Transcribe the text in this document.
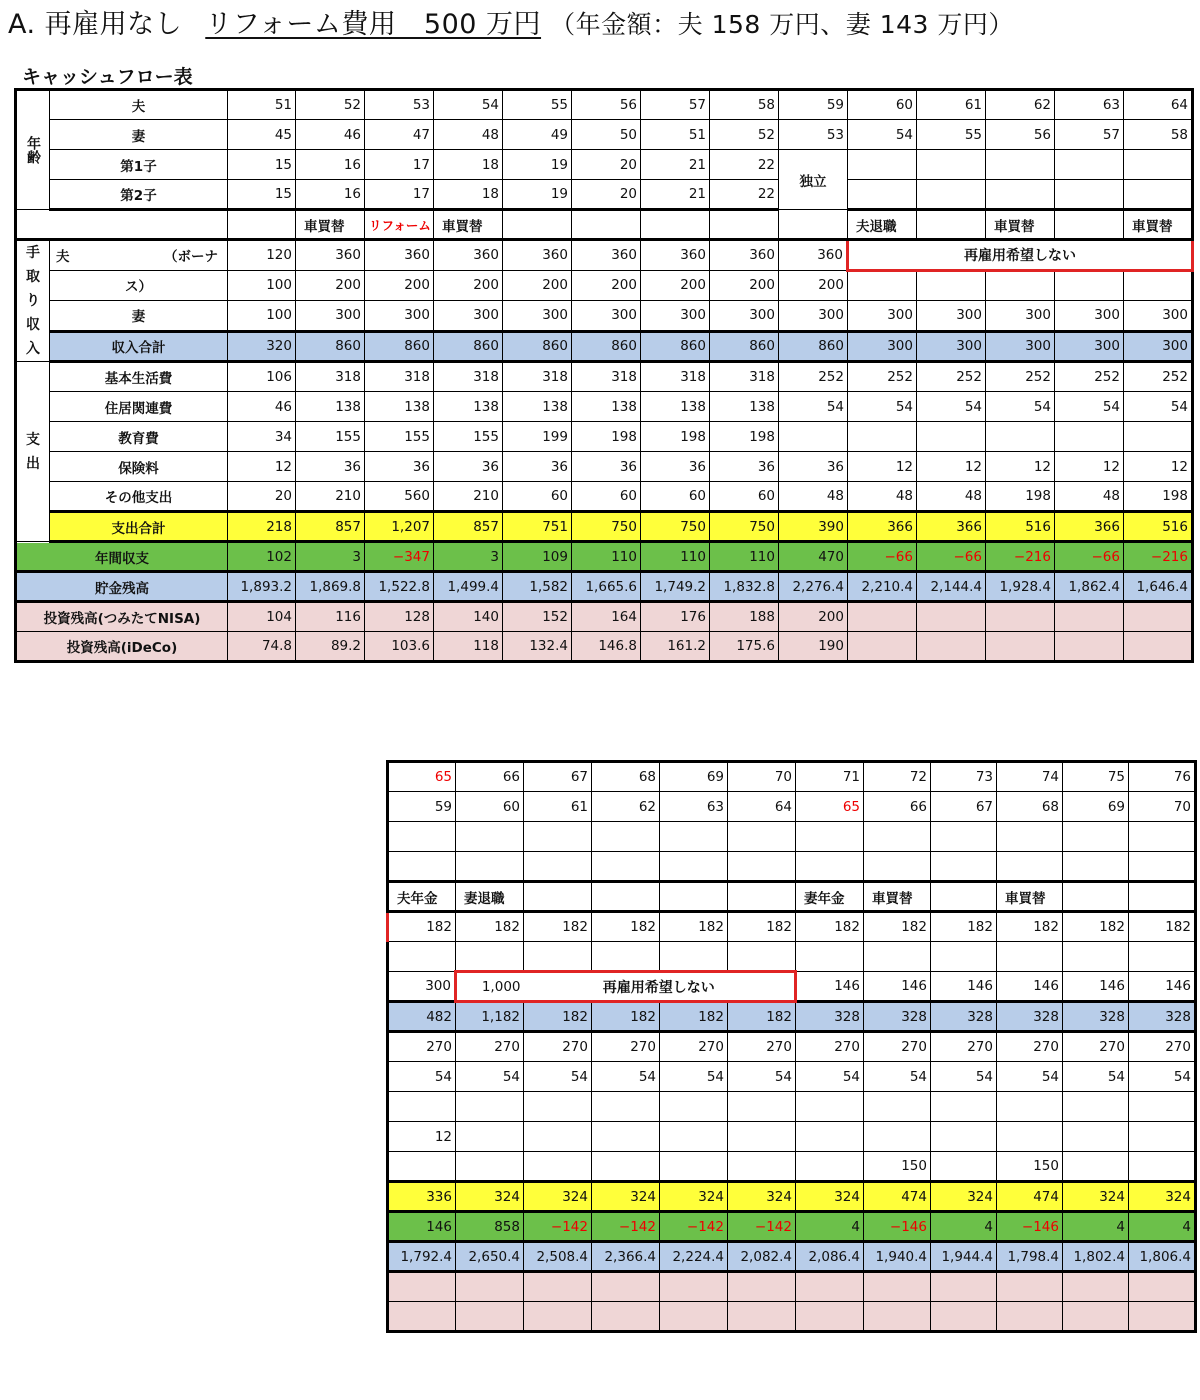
A. 再雇用なし リフォーム費用　500 万円 （年金額：夫 158 万円、妻 143 万円）
キャッシュフロー表
年齢	夫	51	52	53	54	55	56	57	58	59	60	61	62	63	64
	妻	45	46	47	48	49	50	51	52	53	54	55	56	57	58
	第1子	15	16	17	18	19	20	21	22	独立					
	第2子	15	16	17	18	19	20	21	22						
			車買替	リフォーム	車買替						夫退職		車買替		車買替
手取り収入	夫 （ボーナ	120	360	360	360	360	360	360	360	360	再雇用希望しない				
	ス）	100	200	200	200	200	200	200	200	200					
	妻	100	300	300	300	300	300	300	300	300	300	300	300	300	300
	収入合計	320	860	860	860	860	860	860	860	860	300	300	300	300	300
支出	基本生活費	106	318	318	318	318	318	318	318	252	252	252	252	252	252
	住居関連費	46	138	138	138	138	138	138	138	54	54	54	54	54	54
	教育費	34	155	155	155	199	198	198	198						
	保険料	12	36	36	36	36	36	36	36	36	12	12	12	12	12
	その他支出	20	210	560	210	60	60	60	60	48	48	48	198	48	198
	支出合計	218	857	1,207	857	751	750	750	750	390	366	366	516	366	516
年間収支		102	3	−347	3	109	110	110	110	470	−66	−66	−216	−66	−216
貯金残高		1,893.2	1,869.8	1,522.8	1,499.4	1,582	1,665.6	1,749.2	1,832.8	2,276.4	2,210.4	2,144.4	1,928.4	1,862.4	1,646.4
投資残高(つみたてNISA)		104	116	128	140	152	164	176	188	200					
投資残高(iDeCo)		74.8	89.2	103.6	118	132.4	146.8	161.2	175.6	190					
65	66	67	68	69	70	71	72	73	74	75	76
59	60	61	62	63	64	65	66	67	68	69	70

夫年金	妻退職					妻年金	車買替		車買替		
182	182	182	182	182	182	182	182	182	182	182	182

300	1,000	再雇用希望しない				146	146	146	146	146	146
482	1,182	182	182	182	182	328	328	328	328	328	328
270	270	270	270	270	270	270	270	270	270	270	270
54	54	54	54	54	54	54	54	54	54	54	54

12											
							150		150		
336	324	324	324	324	324	324	474	324	474	324	324
146	858	−142	−142	−142	−142	4	−146	4	−146	4	4
1,792.4	2,650.4	2,508.4	2,366.4	2,224.4	2,082.4	2,086.4	1,940.4	1,944.4	1,798.4	1,802.4	1,806.4
